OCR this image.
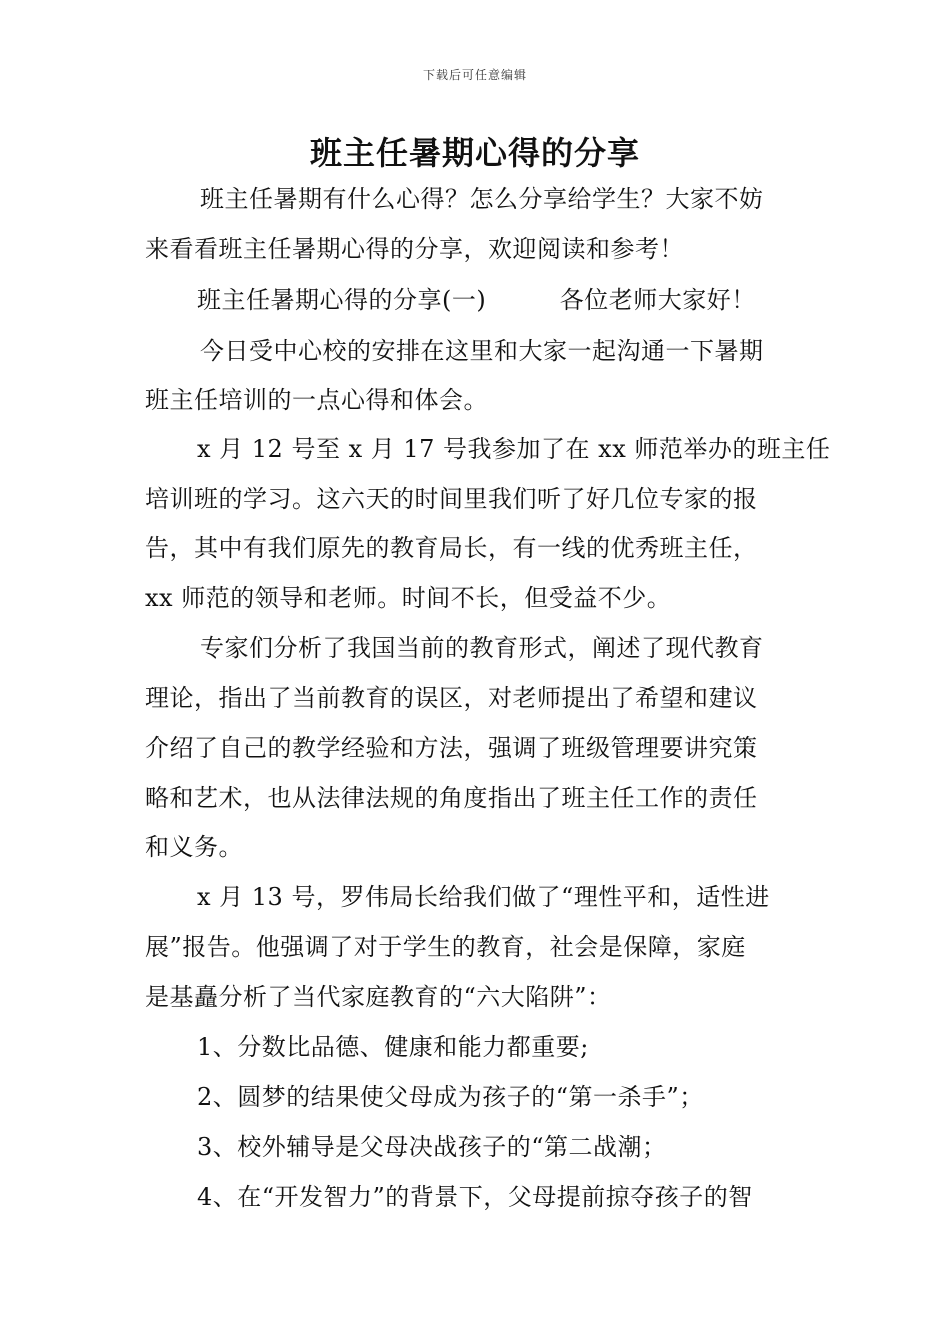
下载后可任意编辑
班主任暑期心得的分享
班主任暑期有什么心得？怎么分享给学生？大家不妨
来看看班主任暑期心得的分享，欢迎阅读和参考！
班主任暑期心得的分享(一)　　　各位老师大家好！
今日受中心校的安排在这里和大家一起沟通一下暑期
班主任培训的一点心得和体会。
x 月 12 号至 x 月 17 号我参加了在 xx 师范举办的班主任
培训班的学习。这六天的时间里我们听了好几位专家的报
告，其中有我们原先的教育局长，有一线的优秀班主任，
xx 师范的领导和老师。时间不长，但受益不少。
专家们分析了我国当前的教育形式，阐述了现代教育
理论，指出了当前教育的误区，对老师提出了希望和建议
介绍了自己的教学经验和方法，强调了班级管理要讲究策
略和艺术，也从法律法规的角度指出了班主任工作的责任
和义务。
x 月 13 号，罗伟局长给我们做了“理性平和，适性进
展”报告。他强调了对于学生的教育，社会是保障，家庭
是基矗分析了当代家庭教育的“六大陷阱”：
1、分数比品德、健康和能力都重要;
2、圆梦的结果使父母成为孩子的“第一杀手”；
3、校外辅导是父母决战孩子的“第二战潮；
4、在“开发智力”的背景下，父母提前掠夺孩子的智
